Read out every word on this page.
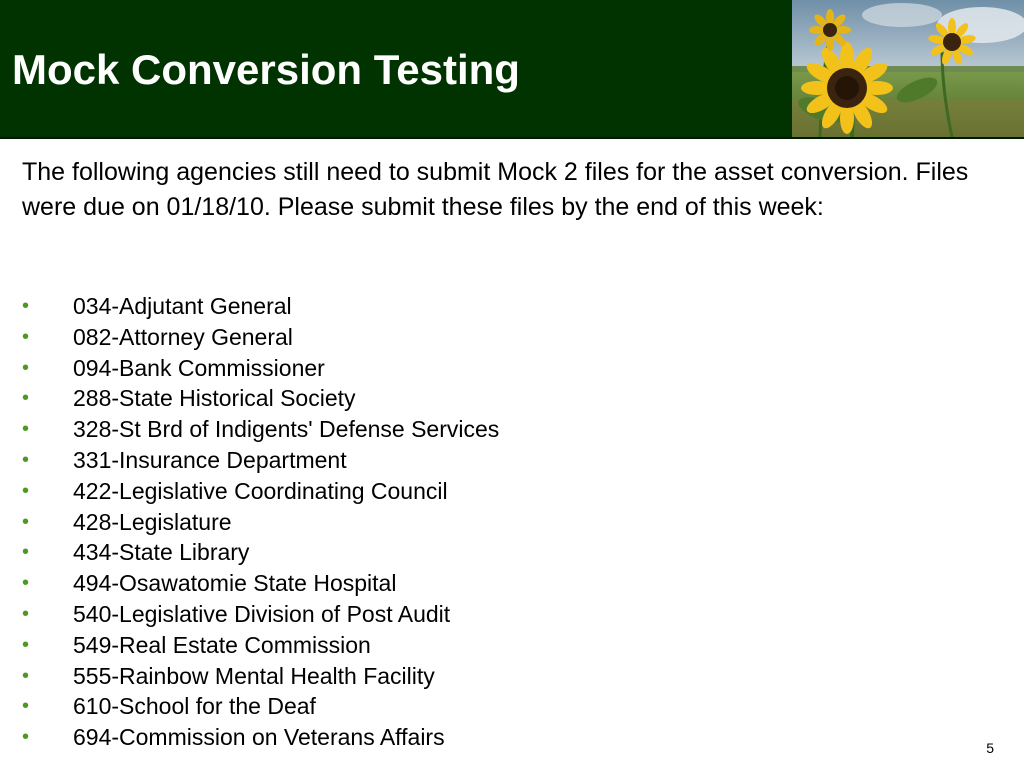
Mock Conversion Testing

The following agencies still need to submit Mock 2 files for the asset conversion. Files were due on 01/18/10. Please submit these files by the end of this week:

•	034-Adjutant General
•	082-Attorney General
•	094-Bank Commissioner
•	288-State Historical Society
•	328-St Brd of Indigents' Defense Services
•	331-Insurance Department
•	422-Legislative Coordinating Council
•	428-Legislature
•	434-State Library
•	494-Osawatomie State Hospital
•	540-Legislative Division of Post Audit
•	549-Real Estate Commission
•	555-Rainbow Mental Health Facility
•	610-School for the Deaf
•	694-Commission on Veterans Affairs	5
